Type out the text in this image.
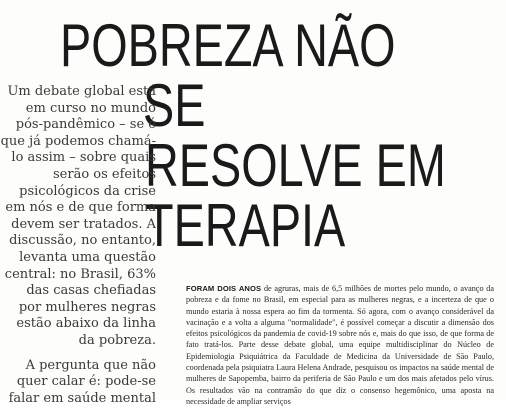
POBREZA NÃO
SE
RESOLVE EM
TERAPIA

Um debate global está em curso no mundo pós-pandêmico – se é que já podemos chamá-lo assim – sobre quais serão os efeitos psicológicos da crise em nós e de que forma devem ser tratados. A discussão, no entanto, levanta uma questão central: no Brasil, 63% das casas chefiadas por mulheres negras estão abaixo da linha da pobreza.

A pergunta que não quer calar é: pode-se falar em saúde mental

FORAM DOIS ANOS de agruras, mais de 6,5 milhões de mortes pelo mundo, o avanço da pobreza e da fome no Brasil, em especial para as mulheres negras, e a incerteza de que o mundo estaria à nossa espera ao fim da tormenta. Só agora, com o avanço considerável da vacinação e a volta a alguma "normalidade", é possível começar a discutir a dimensão dos efeitos psicológicos da pandemia de covid-19 sobre nós e, mais do que isso, de que forma de fato tratá-los. Parte desse debate global, uma equipe multidisciplinar do Núcleo de Epidemiologia Psiquiátrica da Faculdade de Medicina da Universidade de São Paulo, coordenada pela psiquiatra Laura Helena Andrade, pesquisou os impactos na saúde mental de mulheres de Sapopemba, bairro da periferia de São Paulo e um dos mais afetados pelo vírus. Os resultados vão na contramão do que diz o consenso hegemônico, uma aposta na necessidade de ampliar serviços
